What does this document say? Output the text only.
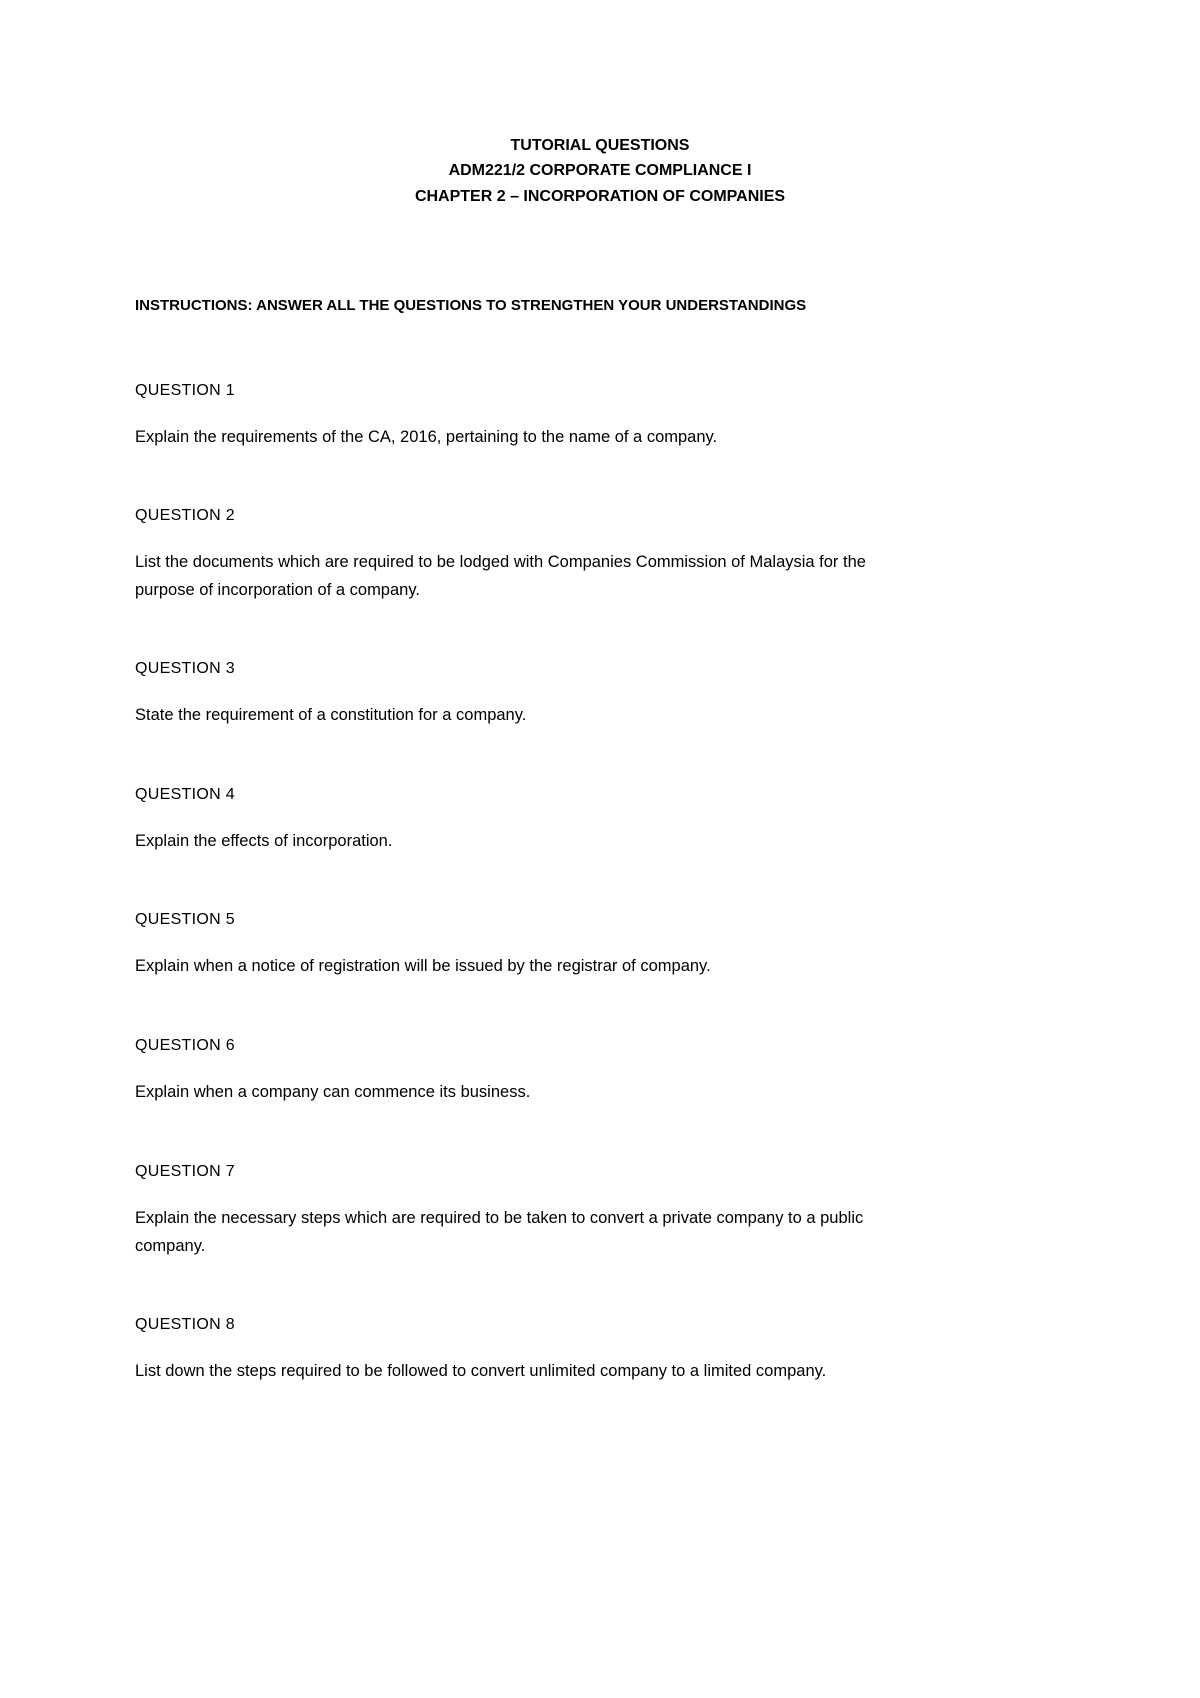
TUTORIAL QUESTIONS
ADM221/2 CORPORATE COMPLIANCE I
CHAPTER 2 – INCORPORATION OF COMPANIES
INSTRUCTIONS: ANSWER ALL THE QUESTIONS TO STRENGTHEN YOUR UNDERSTANDINGS
QUESTION 1
Explain the requirements of the CA, 2016, pertaining to the name of a company.
QUESTION 2
List the documents which are required to be lodged with Companies Commission of Malaysia for the
purpose of incorporation of a company.
QUESTION 3
State the requirement of a constitution for a company.
QUESTION 4
Explain the effects of incorporation.
QUESTION 5
Explain when a notice of registration will be issued by the registrar of company.
QUESTION 6
Explain when a company can commence its business.
QUESTION 7
Explain the necessary steps which are required to be taken to convert a private company to a public
company.
QUESTION 8
List down the steps required to be followed to convert unlimited company to a limited company.
